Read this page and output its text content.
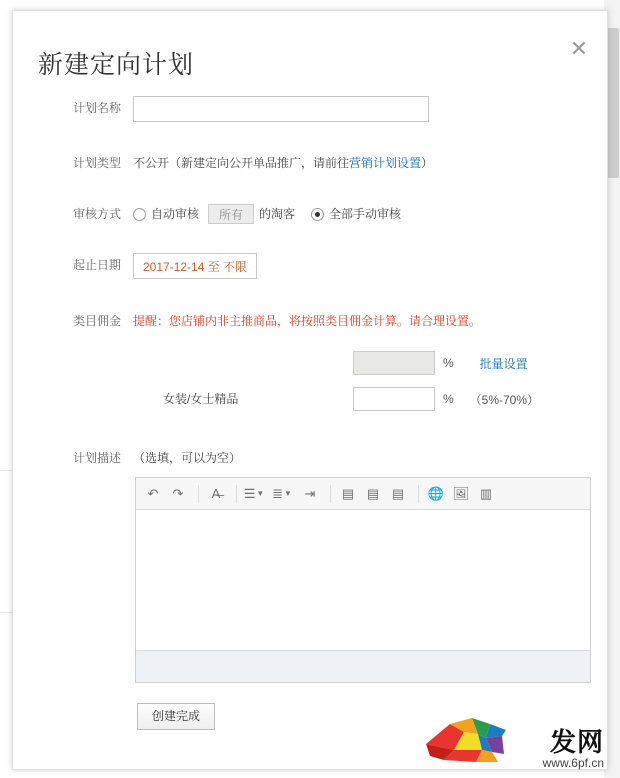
✕
新建定向计划
计划名称
计划类型 不公开（新建定向公开单品推广，请前往营销计划设置）
审核方式	自动审核	所有	的淘客	全部手动审核
起止日期	2017-12-14 至 不限
类目佣金 提醒：您店铺内非主推商品，将按照类目佣金计算。请合理设置。
% 批量设置
女装/女士精品	% （5%-70%）
计划描述 （选填，可以为空）
↶	↷	A̶	☰ ▼ ≣ ▼ ⇥	▤ ▤ ▤	🌐 🖼 ▥
创建完成
发网
www.6pf.cn
